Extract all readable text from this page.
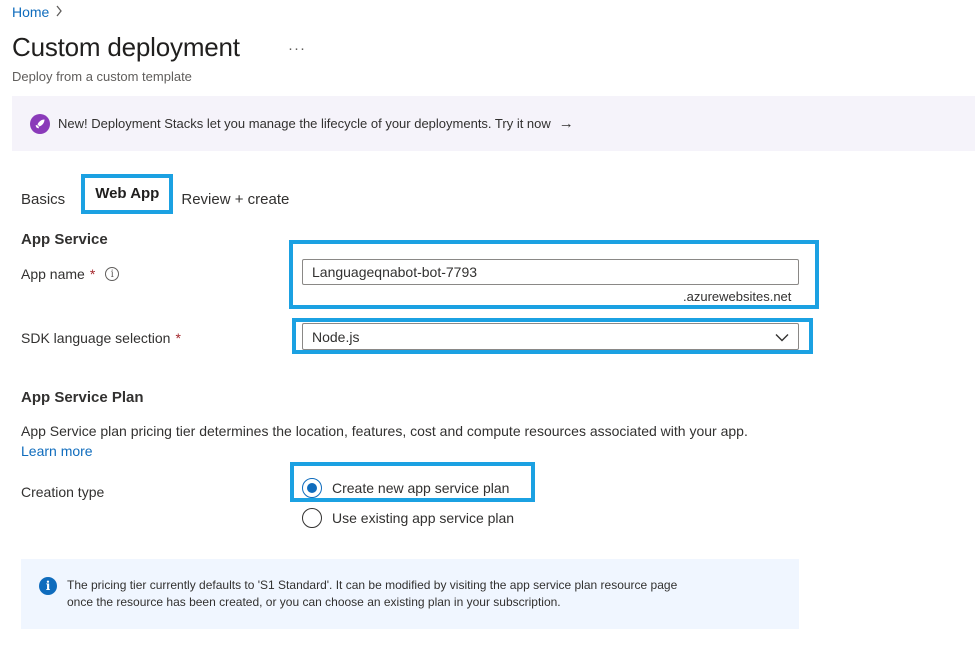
Home
Custom deployment	···
Deploy from a custom template
New! Deployment Stacks let you manage the lifecycle of your deployments. Try it now →
Basics	Web App	Review + create
App Service
App name *	i	Languageqnabot-bot-7793
.azurewebsites.net
SDK language selection *	Node.js
App Service Plan
App Service plan pricing tier determines the location, features, cost and compute resources associated with your app.
Learn more
Creation type	Create new app service plan
Use existing app service plan
i	The pricing tier currently defaults to 'S1 Standard'. It can be modified by visiting the app service plan resource page
once the resource has been created, or you can choose an existing plan in your subscription.
